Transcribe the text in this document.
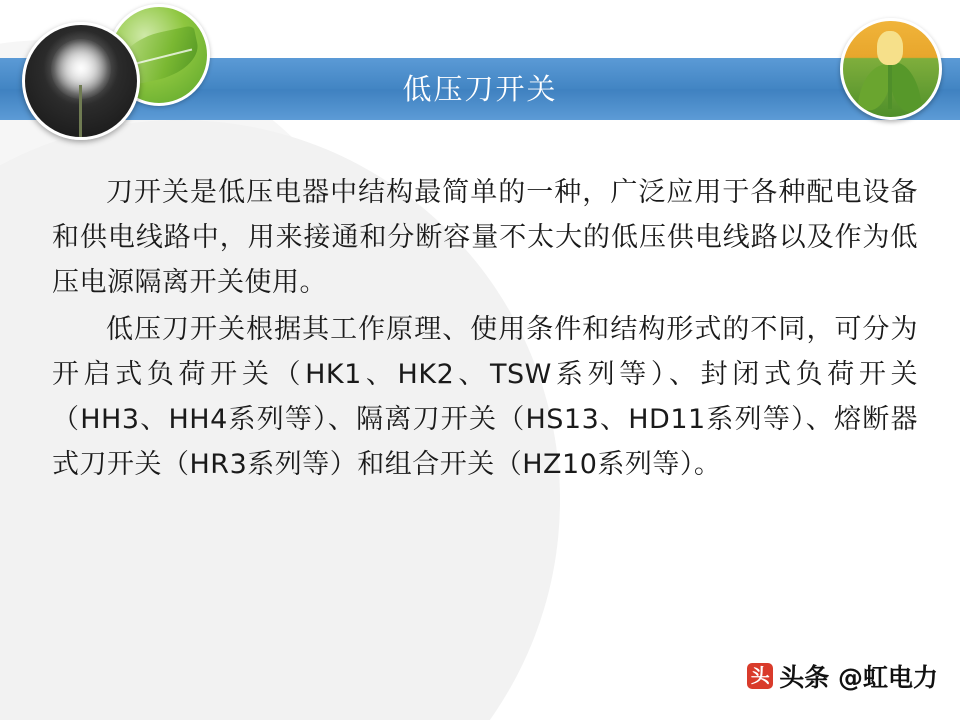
低压刀开关

刀开关是低压电器中结构最简单的一种，广泛应用于各种配电设备和供电线路中，用来接通和分断容量不太大的低压供电线路以及作为低压电源隔离开关使用。

低压刀开关根据其工作原理、使用条件和结构形式的不同，可分为开启式负荷开关（HK1、HK2、TSW系列等）、封闭式负荷开关（HH3、HH4系列等）、隔离刀开关（HS13、HD11系列等）、熔断器式刀开关（HR3系列等）和组合开关（HZ10系列等）。

头 头条 @虹电力
